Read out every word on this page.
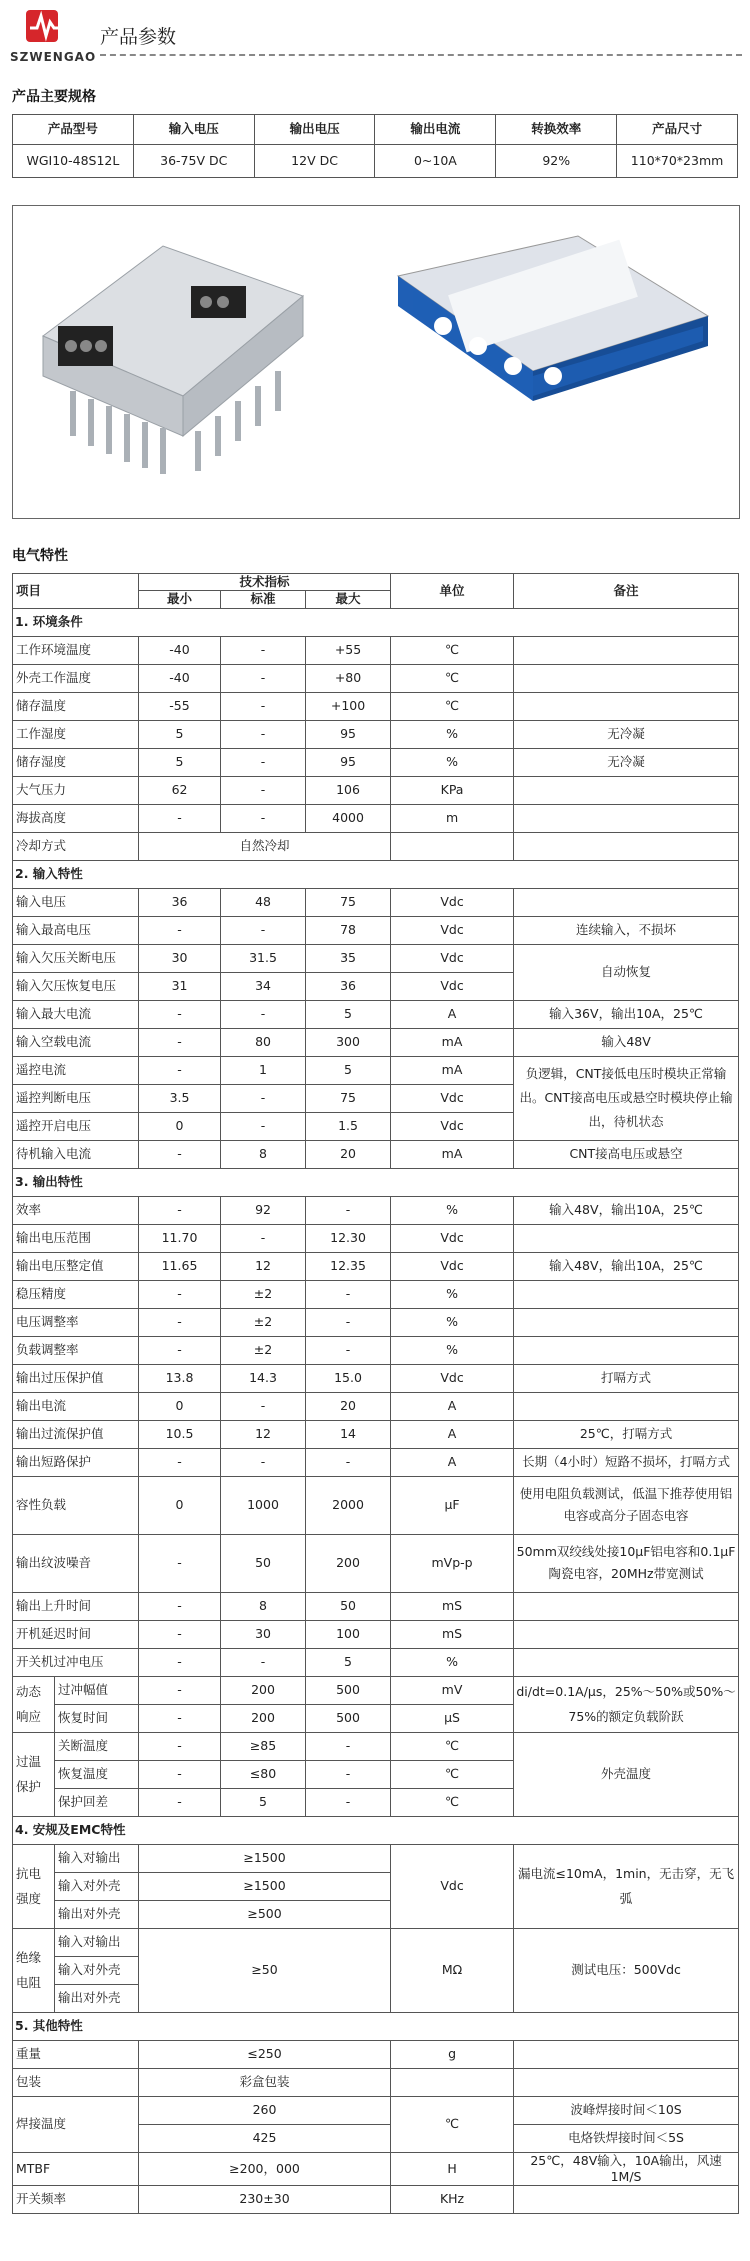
SZWENGAO
产品参数
产品主要规格
产品型号	输入电压	输出电压	输出电流	转换效率	产品尺寸
WGI10-48S12L	36-75V DC	12V DC	0~10A	92%	110*70*23mm
电气特性
项目		技术指标			单位	备注
		最小	标准	最大		
1. 环境条件						
工作环境温度		-40	-	+55	℃	
外壳工作温度		-40	-	+80	℃	
储存温度		-55	-	+100	℃	
工作湿度		5	-	95	%	无冷凝
储存湿度		5	-	95	%	无冷凝
大气压力		62	-	106	KPa	
海拔高度		-	-	4000	m	
冷却方式		自然冷却				
2. 输入特性						
输入电压		36	48	75	Vdc	
输入最高电压		-	-	78	Vdc	连续输入，不损坏
输入欠压关断电压		30	31.5	35	Vdc	自动恢复
输入欠压恢复电压		31	34	36	Vdc	
输入最大电流		-	-	5	A	输入36V，输出10A，25℃
输入空载电流		-	80	300	mA	输入48V
遥控电流		-	1	5	mA	负逻辑，CNT接低电压时模块正常输出。CNT接高电压或悬空时模块停止输出，待机状态
遥控判断电压		3.5	-	75	Vdc	
遥控开启电压		0	-	1.5	Vdc	
待机输入电流		-	8	20	mA	CNT接高电压或悬空
3. 输出特性						
效率		-	92	-	%	输入48V，输出10A，25℃
输出电压范围		11.70	-	12.30	Vdc	
输出电压整定值		11.65	12	12.35	Vdc	输入48V，输出10A，25℃
稳压精度		-	±2	-	%	
电压调整率		-	±2	-	%	
负载调整率		-	±2	-	%	
输出过压保护值		13.8	14.3	15.0	Vdc	打嗝方式
输出电流		0	-	20	A	
输出过流保护值		10.5	12	14	A	25℃，打嗝方式
输出短路保护		-	-	-	A	长期（4小时）短路不损坏，打嗝方式
容性负载		0	1000	2000	μF	使用电阻负载测试，低温下推荐使用铝电容或高分子固态电容
输出纹波噪音		-	50	200	mVp-p	50mm双绞线处接10μF铝电容和0.1μF陶瓷电容，20MHz带宽测试
输出上升时间		-	8	50	mS	
开机延迟时间		-	30	100	mS	
开关机过冲电压		-	-	5	%	
动态响应	过冲幅值	-	200	500	mV	di/dt=0.1A/μs，25%～50%或50%～75%的额定负载阶跃
	恢复时间	-	200	500	μS	
过温保护	关断温度	-	≥85	-	℃	外壳温度
	恢复温度	-	≤80	-	℃	
	保护回差	-	5	-	℃	
4. 安规及EMC特性						
抗电强度	输入对输出	≥1500			Vdc	漏电流≤10mA，1min，无击穿，无飞弧
	输入对外壳	≥1500				
	输出对外壳	≥500				
绝缘电阻	输入对输出	≥50			MΩ	测试电压：500Vdc
	输入对外壳					
	输出对外壳					
5. 其他特性						
重量		≤250			g	
包装		彩盒包装				
焊接温度		260			℃	波峰焊接时间＜10S
		425				电烙铁焊接时间＜5S
MTBF		≥200，000			H	25℃，48V输入，10A输出，风速1M/S
开关频率		230±30			KHz	
